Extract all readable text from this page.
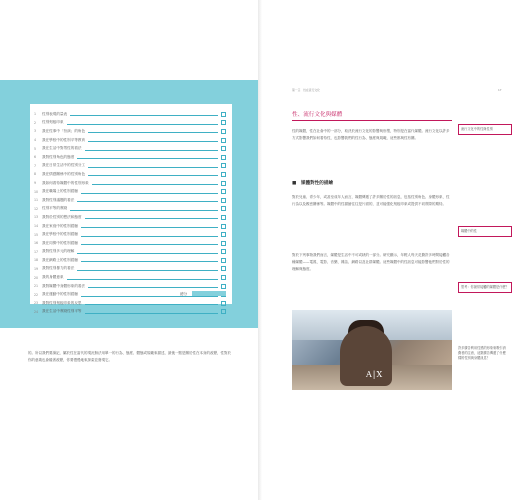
1	性別表現的量表
2	性別刻板印象
3	我在性事中「扮演」的角色
4	我在學校中的性別平等教育
5	我在生活中對男性的看法
6	我對性別角色的態度
7	我在日常生活中的性別分工
8	我在情感關係中的性別角色
9	我如何看待媒體中的性別形象
10	我在職場上的性別經驗
11	我對性別議題的看法
12	性別平等的實踐
13	我對於性別的想法和態度
14	我在家庭中的性別經驗
15	我在學校中的性別經驗
16	我在同儕中的性別經驗
17	我對性別多元的理解
18	我在網路上的性別經驗
19	我對性別暴力的看法
20	我的身體意象
21	我對媒體中身體形象的看法
22	我在運動中的性別經驗
23	我對性別刻板印象的反思
24	我在生活中實踐性別平等
總分
的。所以我們要讀記，屬於性在當代的現況無法用單一的行為、態度、體態或規範來描述，最後一點是關於性在本身的改變，性對於你的意義也會隨著改變，你要慢慢地來探索並發現它。
第一章　性在流行文化	17
性、流行文化與媒體
性的媒體，性在社會中的一部分，取決於流行文化的影響與形塑，特別是在當代媒體。流行文化以許多方式影響我們如何看待性，也影響我們的性行為、態度與規範，這些都與性有關。
■　媒體對性的描繪
對於兒童、青少年，或甚至成年人而言，媒體傳遞了許多關於性的訊息，包括性別角色、身體形象、性行為以及親密關係等。媒體中的性描繪往往是片面的，並可能強化刻板印象或提供不切實際的期待。
對於下列事物我們而言，媒體是生活中不可或缺的一部分。研究顯示，年輕人每天花費許多時間接觸各種媒體——電視、電影、音樂、雜誌、網路以及社群媒體。這些媒體中的性訊息可能影響他們對於性的理解與態度。
A|X
流行文化中的性與性別
媒體中的性
思考：你最常接觸的媒體是什麼？
許多廣告利用性感的形象來吸引消費者的注意，這類廣告傳遞了什麼樣的性別與身體訊息？
